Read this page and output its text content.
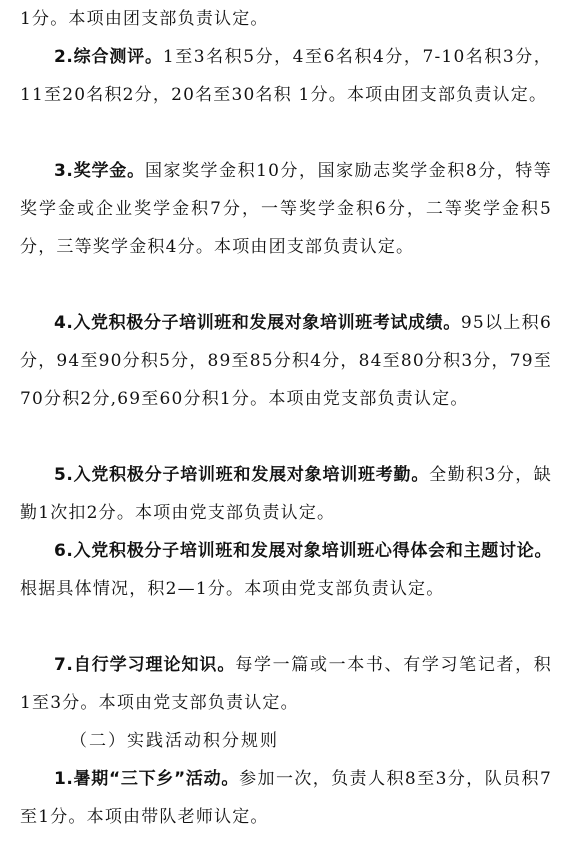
1分。本项由团支部负责认定。

2.综合测评。1至3名积5分，4至6名积4分，7-10名积3分，11至20名积2分，20名至30名积 1分。本项由团支部负责认定。

3.奖学金。国家奖学金积10分，国家励志奖学金积8分，特等奖学金或企业奖学金积7分，一等奖学金积6分，二等奖学金积5分，三等奖学金积4分。本项由团支部负责认定。

4.入党积极分子培训班和发展对象培训班考试成绩。95以上积6分，94至90分积5分，89至85分积4分，84至80分积3分，79至70分积2分,69至60分积1分。本项由党支部负责认定。

5.入党积极分子培训班和发展对象培训班考勤。全勤积3分，缺勤1次扣2分。本项由党支部负责认定。

6.入党积极分子培训班和发展对象培训班心得体会和主题讨论。根据具体情况，积2—1分。本项由党支部负责认定。

7.自行学习理论知识。每学一篇或一本书、有学习笔记者，积1至3分。本项由党支部负责认定。

（二）实践活动积分规则

1.暑期“三下乡”活动。参加一次，负责人积8至3分，队员积7至1分。本项由带队老师认定。
